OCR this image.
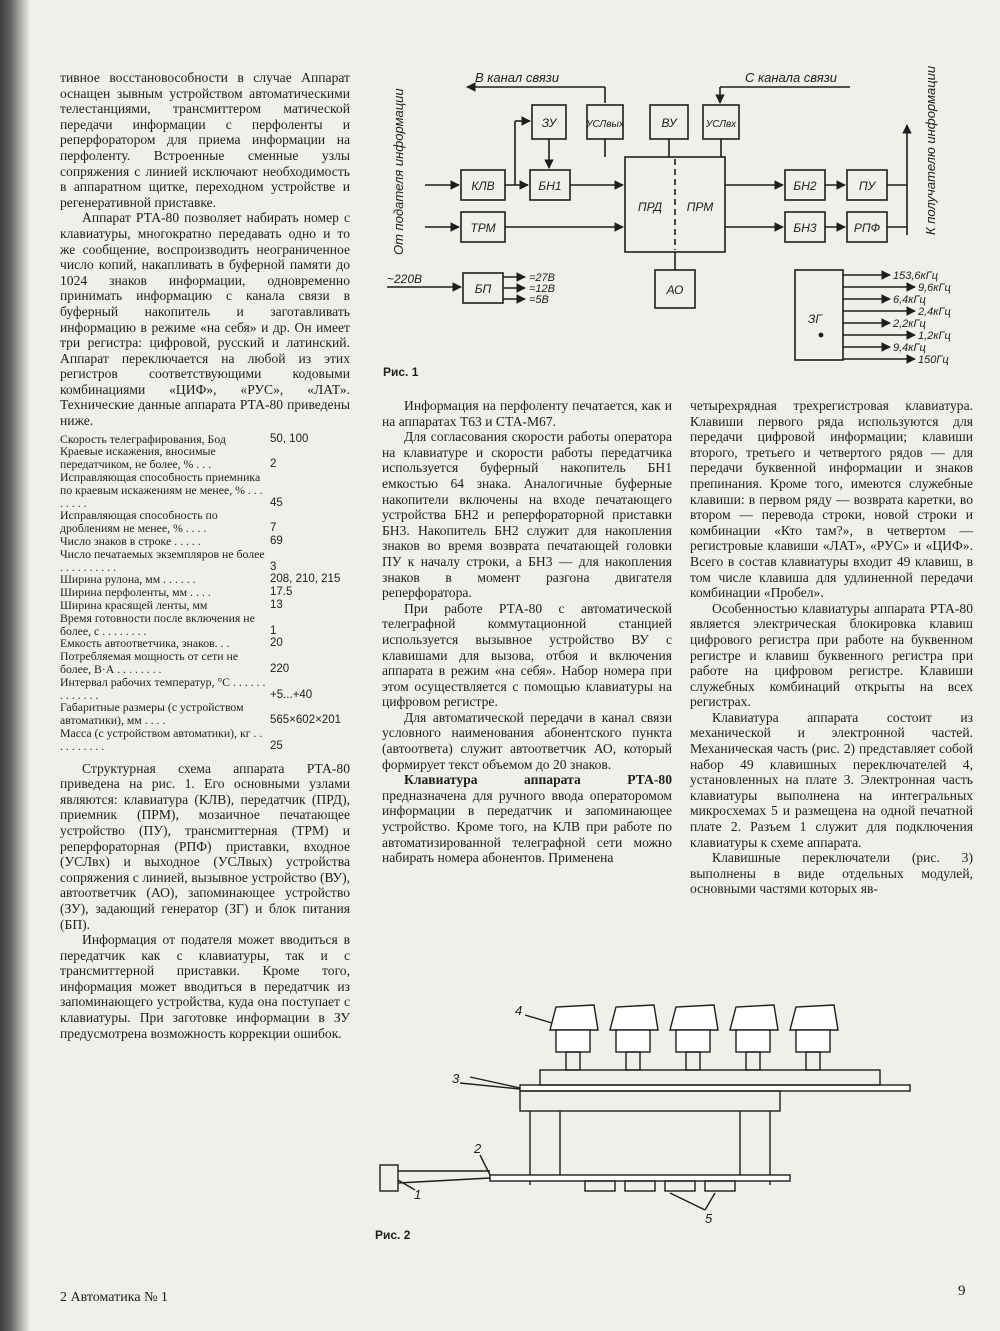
тивное восстановособности в случае Аппарат оснащен зывным устройством автоматическими телестанциями, трансмиттером матической передачи информации с перфоленты и реперфоратором для приема информации на перфоленту. Встроенные сменные узлы сопряжения с линией исключают необходимость в аппаратном щитке, переходном устройстве и регенеративной приставке.

Аппарат РТА-80 позволяет набирать номер с клавиатуры, многократно передавать одно и то же сообщение, воспроизводить неограниченное число копий, накапливать в буферной памяти до 1024 знаков информации, одновременно принимать информацию с канала связи в буферный накопитель и заготавливать информацию в режиме «на себя» и др. Он имеет три регистра: цифровой, русский и латинский. Аппарат переключается на любой из этих регистров соответствующими кодовыми комбинациями «ЦИФ», «РУС», «ЛАТ». Технические данные аппарата РТА-80 приведены ниже.

Скорость телеграфирования, Бод	50, 100
Краевые искажения, вносимые передатчиком, не более, % . . .	2
Исправляющая способность приемника по краевым искажениям не менее, % . . . . . . . .	45
Исправляющая способность по дроблениям не менее, % . . . .	7
Число знаков в строке . . . . .	69
Число печатаемых экземпляров не более . . . . . . . . . .	3
Ширина рулона, мм . . . . . .	208, 210, 215
Ширина перфоленты, мм . . . .	17.5
Ширина красящей ленты, мм	13
Время готовности после включения не более, с . . . . . . . .	1
Емкость автоответчика, знаков. . .	20
Потребляемая мощность от сети не более, В·А . . . . . . . .	220
Интервал рабочих температур, °С . . . . . . . . . . . . .	+5...+40
Габаритные размеры (с устройством автоматики), мм . . . .	565×602×201
Масса (с устройством автоматики), кг . . . . . . . . . .	25

Структурная схема аппарата РТА-80 приведена на рис. 1. Его основными узлами являются: клавиатура (КЛВ), передатчик (ПРД), приемник (ПРМ), мозаичное печатающее устройство (ПУ), трансмиттерная (ТРМ) и реперфораторная (РПФ) приставки, входное (УСЛвх) и выходное (УСЛвых) устройства сопряжения с линией, вызывное устройство (ВУ), автоответчик (АО), запоминающее устройство (ЗУ), задающий генератор (ЗГ) и блок питания (БП).

Информация от подателя может вводиться в передатчик как с клавиатуры, так и с трансмиттерной приставки. Кроме того, информация может вводиться в передатчик из запоминающего устройства, куда она поступает с клавиатуры. При заготовке информации в ЗУ предусмотрена возможность коррекции ошибок.

Информация на перфоленту печатается, как и на аппаратах Т63 и СТА-М67.

Для согласования скорости работы оператора на клавиатуре и скорости работы передатчика используется буферный накопитель БН1 емкостью 64 знака. Аналогичные буферные накопители включены на входе печатающего устройства БН2 и реперфораторной приставки БН3. Накопитель БН2 служит для накопления знаков во время возврата печатающей головки ПУ к началу строки, а БН3 — для накопления знаков в момент разгона двигателя реперфоратора.

При работе РТА-80 с автоматической телеграфной коммутационной станцией используется вызывное устройство ВУ с клавишами для вызова, отбоя и включения аппарата в режим «на себя». Набор номера при этом осуществляется с помощью клавиатуры на цифровом регистре.

Для автоматической передачи в канал связи условного наименования абонентского пункта (автоответа) служит автоответчик АО, который формирует текст объемом до 20 знаков.

Клавиатура аппарата РТА-80 предназначена для ручного ввода операторомом информации в передатчик и запоминающее устройство. Кроме того, на КЛВ при работе по автоматизированной телеграфной сети можно набирать номера абонентов. Применена

четырехрядная трехрегистровая клавиатура. Клавиши первого ряда используются для передачи цифровой информации; клавиши второго, третьего и четвертого рядов — для передачи буквенной информации и знаков препинания. Кроме того, имеются служебные клавиши: в первом ряду — возврата каретки, во втором — перевода строки, новой строки и комбинации «Кто там?», в четвертом — регистровые клавиши «ЛАТ», «РУС» и «ЦИФ». Всего в состав клавиатуры входит 49 клавиш, в том числе клавиша для удлиненной передачи комбинации «Пробел».

Особенностью клавиатуры аппарата РТА-80 является электрическая блокировка клавиш цифрового регистра при работе на буквенном регистре и клавиш буквенного регистра при работе на цифровом регистре. Клавиши служебных комбинаций открыты на всех регистрах.

Клавиатура аппарата состоит из механической и электронной частей. Механическая часть (рис. 2) представляет собой набор 49 клавишных переключателей 4, установленных на плате 3. Электронная часть клавиатуры выполнена на интегральных микросхемах 5 и размещена на одной печатной плате 2. Разъем 1 служит для подключения клавиатуры к схеме аппарата.

Клавишные переключатели (рис. 3) выполнены в виде отдельных модулей, основными частями которых яв-

В канал связи	С канала связи
ЗУ	УСЛвых	ВУ	УСЛвх
От подателя информации	КЛВ	БН1
ТРМ
ПРД ПРМ
БН2	ПУ
БН3	РПФ	К получателю информации
~220В
БП
=27В
=12В
=5В
АО
ЗГ
153,6кГц
9,6кГц
6,4кГц
2,4кГц
2,2кГц
1,2кГц
9,4кГц
150Гц
Рис. 1
1
2
3
4
5
Рис. 2
2 Автоматика № 1	9
